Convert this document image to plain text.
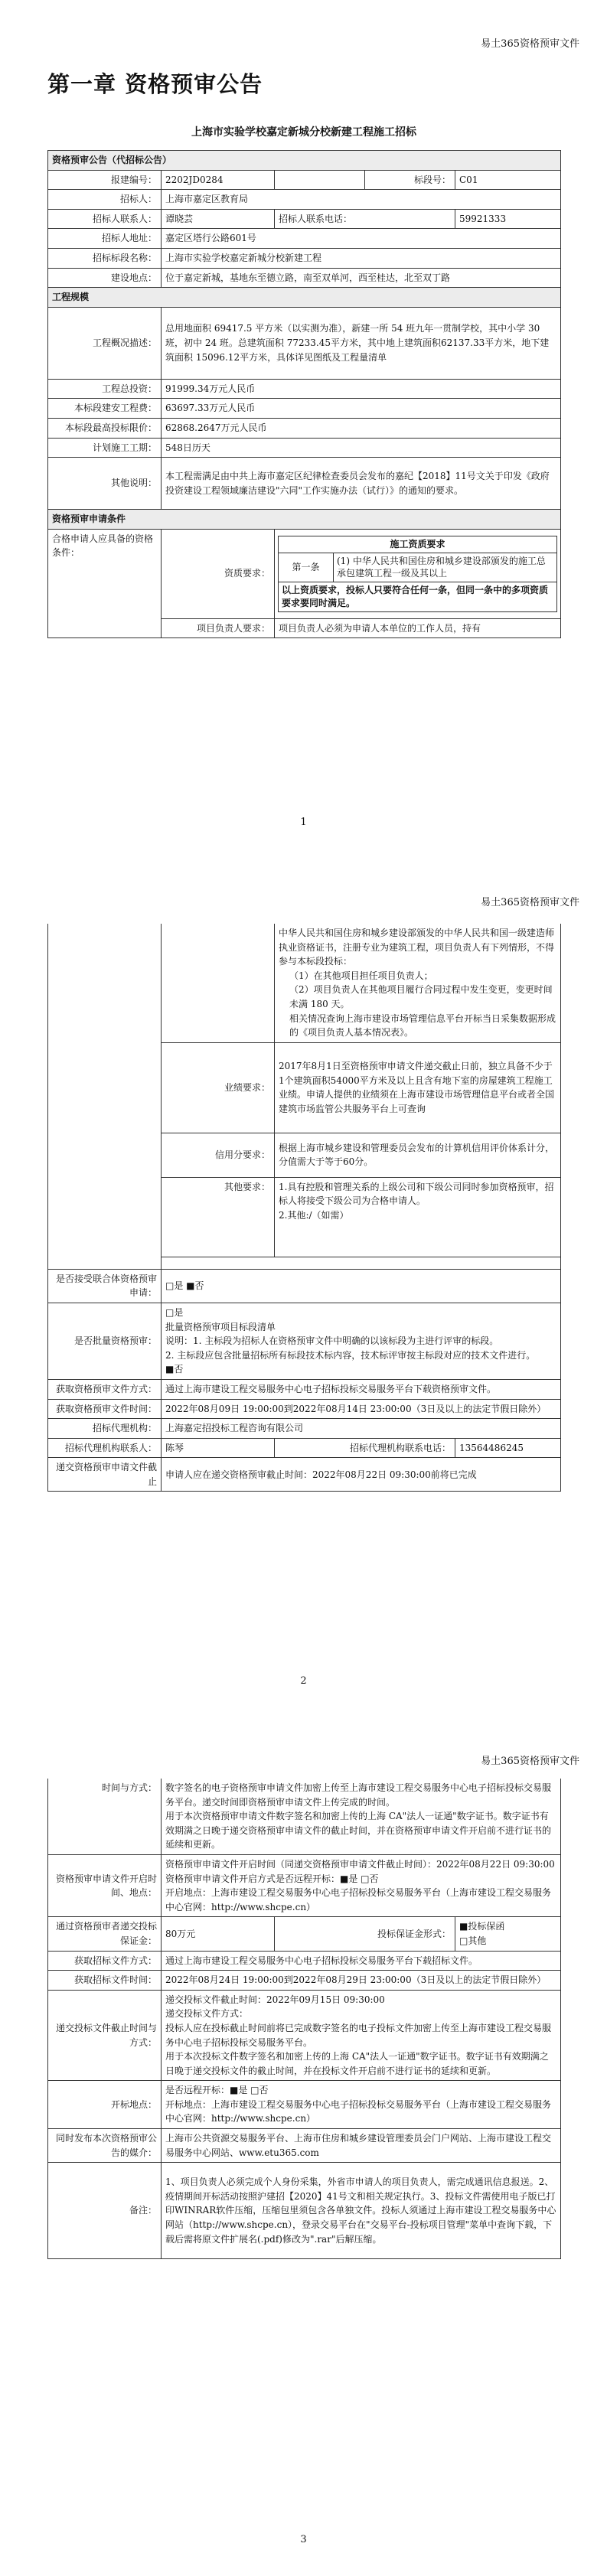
易土365资格预审文件
第一章 资格预审公告
上海市实验学校嘉定新城分校新建工程施工招标
资格预审公告（代招标公告）
报建编号：	2202JD0284		标段号：	C01
招标人：	上海市嘉定区教育局
招标人联系人：	谭晓芸	招标人联系电话：	59921333
招标人地址：	嘉定区塔行公路601号
招标标段名称：	上海市实验学校嘉定新城分校新建工程
建设地点：	位于嘉定新城，基地东至德立路，南至双单河，西至桂达，北至双丁路
工程规模
工程概况描述：	总用地面积 69417.5 平方米（以实测为准），新建一所 54 班九年一贯制学校，其中小学 30 班，初中 24 班。总建筑面积 77233.45平方米，其中地上建筑面积62137.33平方米，地下建筑面积 15096.12平方米，具体详见图纸及工程量清单
工程总投资：	91999.34万元人民币
本标段建安工程费：	63697.33万元人民币
本标段最高投标限价：	62868.2647万元人民币
计划施工工期：	548日历天
其他说明：	本工程需满足由中共上海市嘉定区纪律检查委员会发布的嘉纪【2018】11号文关于印发《政府投资建设工程领域廉洁建设"六同"工作实施办法（试行）》的通知的要求。
资格预审申请条件
合格申请人应具备的资格条件：	资质要求：	
施工资质要求
第一条	(1) 中华人民共和国住房和城乡建设部颁发的施工总承包建筑工程一级及其以上
以上资质要求，投标人只要符合任何一条，但同一条中的多项资质要求要同时满足。

项目负责人要求：	项目负责人必须为申请人本单位的工作人员，持有
1
易土365资格预审文件

		中华人民共和国住房和城乡建设部颁发的中华人民共和国一级建造师执业资格证书，注册专业为建筑工程，项目负责人有下列情形，不得参与本标段投标：
（1）在其他项目担任项目负责人；
（2）项目负责人在其他项目履行合同过程中发生变更，变更时间未满 180 天。
相关情况查询上海市建设市场管理信息平台开标当日采集数据形成的《项目负责人基本情况表》。	

	业绩要求：	2017年8月1日至资格预审申请文件递交截止日前，独立具备不少于1个建筑面积54000平方米及以上且含有地下室的房屋建筑工程施工业绩。申请人提供的业绩须在上海市建设市场管理信息平台或者全国建筑市场监管公共服务平台上可查询	
	信用分要求：	根据上海市城乡建设和管理委员会发布的计算机信用评价体系计分，分值需大于等于60分。	
	其他要求：	1.具有控股和管理关系的上级公司和下级公司同时参加资格预审，招标人将接受下级公司为合格申请人。
2.其他:/（如需）	

是否接受联合体资格预审申请：	□是 ■否		
是否批量资格预审：	□是
批量资格预审项目标段清单
说明：1. 主标段为招标人在资格预审文件中明确的以该标段为主进行评审的标段。
2. 主标段应包含批量招标所有标段技术标内容，技术标评审按主标段对应的技术文件进行。
■否		

获取资格预审文件方式：	通过上海市建设工程交易服务中心电子招标投标交易服务平台下载资格预审文件。		
获取资格预审文件时间：	2022年08月09日 19:00:00到2022年08月14日 23:00:00（3日及以上的法定节假日除外）		
招标代理机构：	上海嘉定招投标工程咨询有限公司		
招标代理机构联系人：	陈琴	招标代理机构联系电话：	13564486245
递交资格预审申请文件截止	申请人应在递交资格预审截止时间：2022年08月22日 09:30:00前将已完成		
2
易土365资格预审文件
时间与方式：	数字签名的电子资格预审申请文件加密上传至上海市建设工程交易服务中心电子招标投标交易服务平台。递交时间即资格预审申请文件上传完成的时间。
用于本次资格预审申请文件数字签名和加密上传的上海 CA"法人一证通"数字证书。数字证书有效期满之日晚于递交资格预审申请文件的截止时间，并在资格预审申请文件开启前不进行证书的延续和更新。		

资格预审申请文件开启时间、地点：	资格预审申请文件开启时间（同递交资格预审申请文件截止时间）：2022年08月22日 09:30:00
资格预审申请文件开启方式是否远程开标：■是 □否
开启地点：上海市建设工程交易服务中心电子招标投标交易服务平台（上海市建设工程交易服务中心官网：http://www.shcpe.cn）		

通过资格预审者递交投标保证金：	80万元	投标保证金形式：	■投标保函
□其他

获取招标文件方式：	通过上海市建设工程交易服务中心电子招标投标交易服务平台下载招标文件。		
获取招标文件时间：	2022年08月24日 19:00:00到2022年08月29日 23:00:00（3日及以上的法定节假日除外）		
递交投标文件截止时间与方式：	递交投标文件截止时间：2022年09月15日 09:30:00
递交投标文件方式：
投标人应在投标截止时间前将已完成数字签名的电子投标文件加密上传至上海市建设工程交易服务中心电子招标投标交易服务平台。
用于本次投标文件数字签名和加密上传的上海 CA"法人一证通"数字证书。数字证书有效期满之日晚于递交投标文件的截止时间，并在投标文件开启前不进行证书的延续和更新。		

开标地点：	是否远程开标：■是 □否
开标地点：上海市建设工程交易服务中心电子招标投标交易服务平台（上海市建设工程交易服务中心官网：http://www.shcpe.cn）		

同时发布本次资格预审公告的媒介：	上海市公共资源交易服务平台、上海市住房和城乡建设管理委员会门户网站、上海市建设工程交易服务中心网站、www.etu365.com		
备注：	1、项目负责人必须完成个人身份采集，外省市申请人的项目负责人，需完成通讯信息报送。2、疫情期间开标活动按照沪建招【2020】41号文和相关规定执行。3、投标文件需使用电子版已打印WINRAR软件压缩，压缩包里须包含各单独文件。投标人须通过上海市建设工程交易服务中心网站（http://www.shcpe.cn），登录交易平台在"交易平台-投标项目管理"菜单中查询下载，下载后需将原文件扩展名(.pdf)修改为".rar"后解压缩。		
3
